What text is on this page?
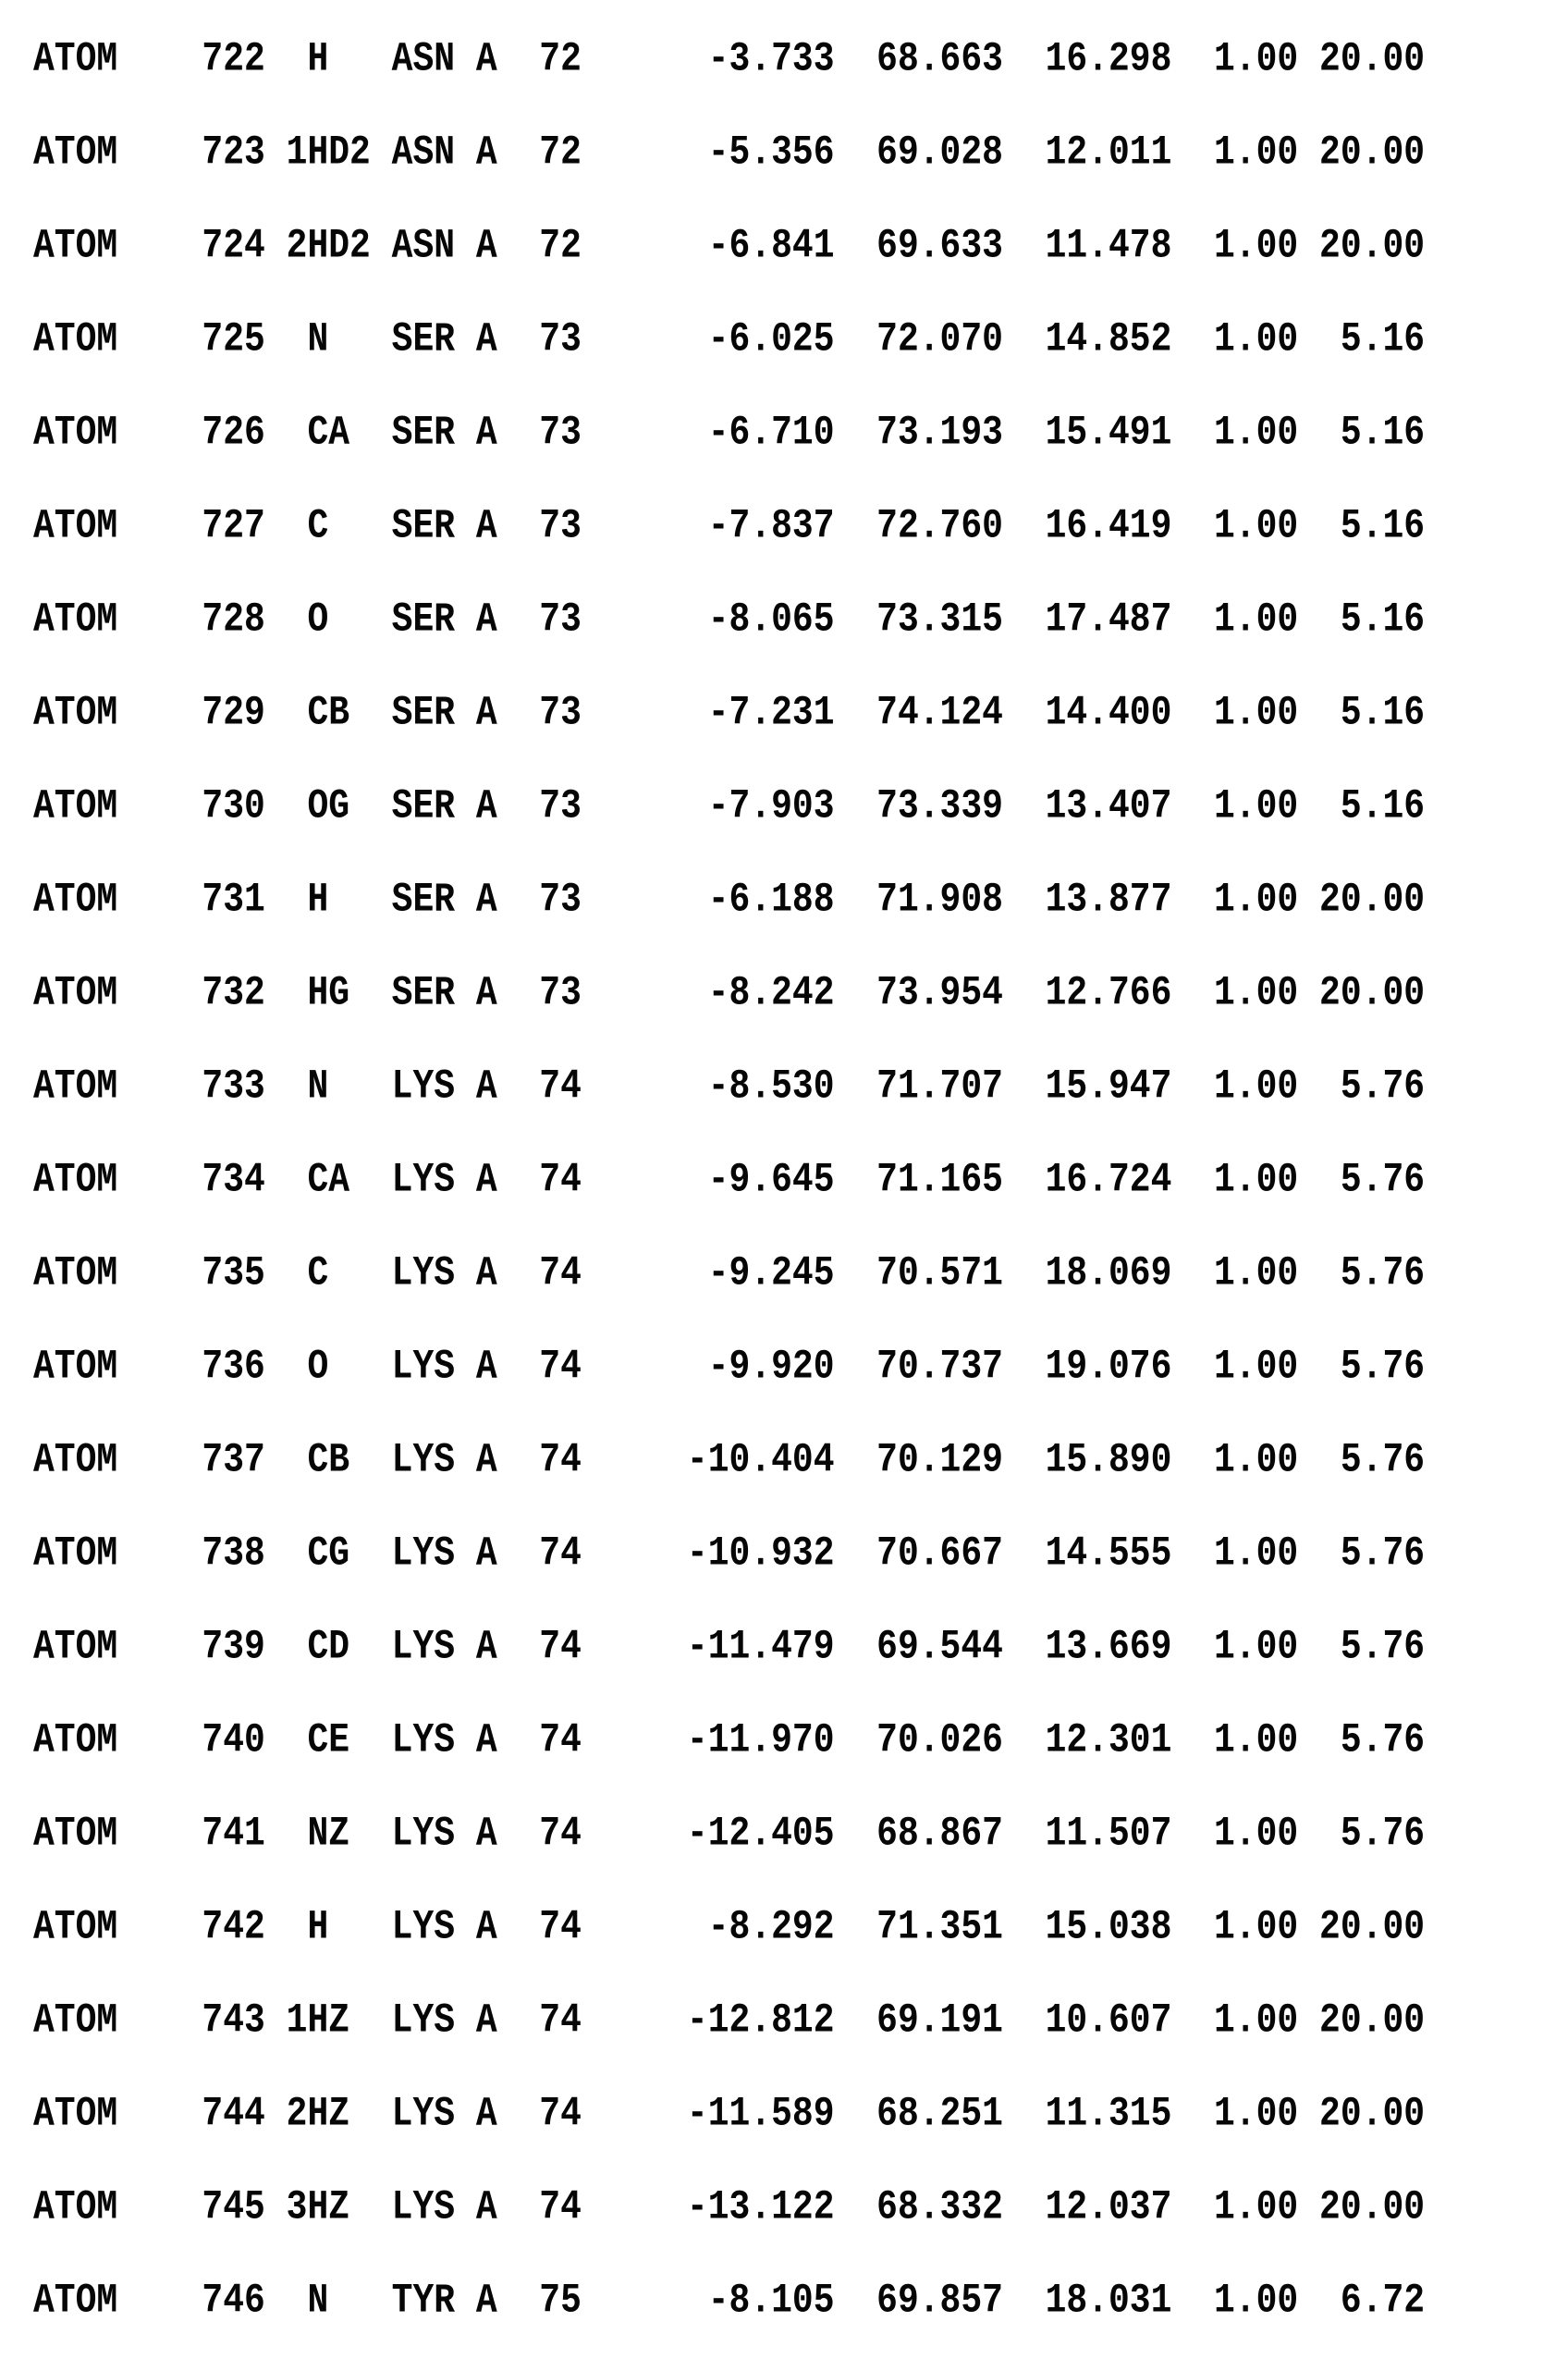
ATOM    722  H   ASN A  72      -3.733  68.663  16.298  1.00 20.00
ATOM    723 1HD2 ASN A  72      -5.356  69.028  12.011  1.00 20.00
ATOM    724 2HD2 ASN A  72      -6.841  69.633  11.478  1.00 20.00
ATOM    725  N   SER A  73      -6.025  72.070  14.852  1.00  5.16
ATOM    726  CA  SER A  73      -6.710  73.193  15.491  1.00  5.16
ATOM    727  C   SER A  73      -7.837  72.760  16.419  1.00  5.16
ATOM    728  O   SER A  73      -8.065  73.315  17.487  1.00  5.16
ATOM    729  CB  SER A  73      -7.231  74.124  14.400  1.00  5.16
ATOM    730  OG  SER A  73      -7.903  73.339  13.407  1.00  5.16
ATOM    731  H   SER A  73      -6.188  71.908  13.877  1.00 20.00
ATOM    732  HG  SER A  73      -8.242  73.954  12.766  1.00 20.00
ATOM    733  N   LYS A  74      -8.530  71.707  15.947  1.00  5.76
ATOM    734  CA  LYS A  74      -9.645  71.165  16.724  1.00  5.76
ATOM    735  C   LYS A  74      -9.245  70.571  18.069  1.00  5.76
ATOM    736  O   LYS A  74      -9.920  70.737  19.076  1.00  5.76
ATOM    737  CB  LYS A  74     -10.404  70.129  15.890  1.00  5.76
ATOM    738  CG  LYS A  74     -10.932  70.667  14.555  1.00  5.76
ATOM    739  CD  LYS A  74     -11.479  69.544  13.669  1.00  5.76
ATOM    740  CE  LYS A  74     -11.970  70.026  12.301  1.00  5.76
ATOM    741  NZ  LYS A  74     -12.405  68.867  11.507  1.00  5.76
ATOM    742  H   LYS A  74      -8.292  71.351  15.038  1.00 20.00
ATOM    743 1HZ  LYS A  74     -12.812  69.191  10.607  1.00 20.00
ATOM    744 2HZ  LYS A  74     -11.589  68.251  11.315  1.00 20.00
ATOM    745 3HZ  LYS A  74     -13.122  68.332  12.037  1.00 20.00
ATOM    746  N   TYR A  75      -8.105  69.857  18.031  1.00  6.72
